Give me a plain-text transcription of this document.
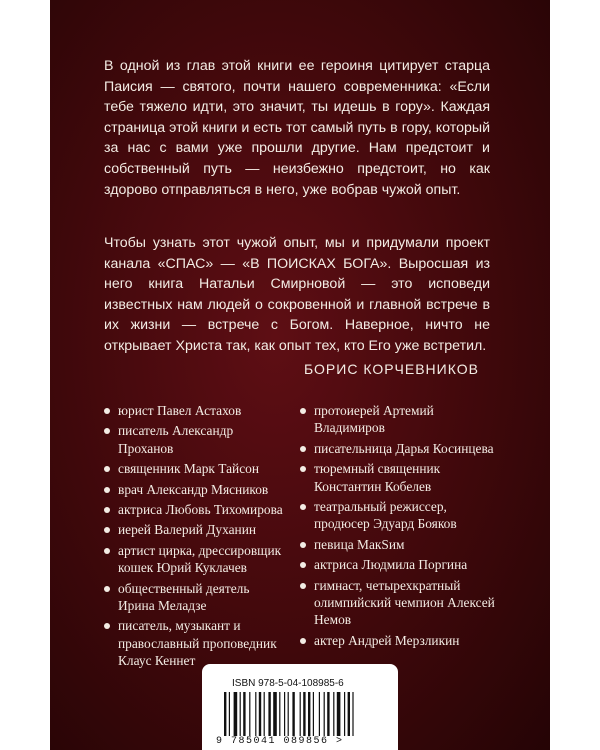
В одной из глав этой книги ее героиня цитирует старца Паисия — святого, почти нашего современника: «Если тебе тяжело идти, это значит, ты идешь в гору». Каждая страница этой книги и есть тот самый путь в гору, который за нас с вами уже прошли другие. Нам предстоит и собственный путь — неизбежно предстоит, но как здорово отправляться в него, уже вобрав чужой опыт.

Чтобы узнать этот чужой опыт, мы и придумали проект канала «СПАС» — «В ПОИСКАХ БОГА». Выросшая из него книга Натальи Смирновой — это исповеди известных нам людей о сокровенной и главной встрече в их жизни — встрече с Богом. Наверное, ничто не открывает Христа так, как опыт тех, кто Его уже встретил.

БОРИС КОРЧЕВНИКОВ
юрист Павел Астахов
писатель Александр Проханов
священник Марк Тайсон
врач Александр Мясников
актриса Любовь Тихомирова
иерей Валерий Духанин
артист цирка, дрессировщик кошек Юрий Куклачев
общественный деятель Ирина Меладзе
писатель, музыкант и православный проповедник Клаус Кеннет
протоиерей Артемий Владимиров
писательница Дарья Косинцева
тюремный священник Константин Кобелев
театральный режиссер, продюсер Эдуард Бояков
певица МакSим
актриса Людмила Поргина
гимнаст, четырехкратный олимпийский чемпион Алексей Немов
актер Андрей Мерзликин
ISBN 978-5-04-108985-6
9 785041 089856 >
